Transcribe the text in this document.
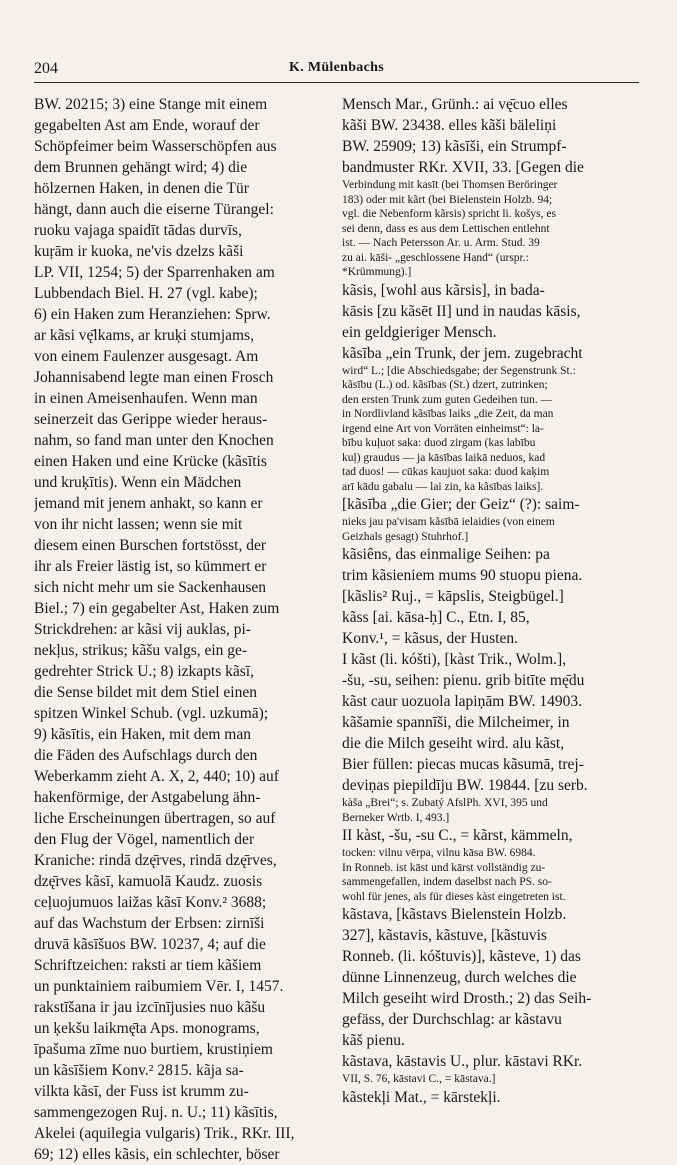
204	K. Mülenbachs
BW. 20215; 3) eine Stange mit einem
gegabelten Ast am Ende, worauf der
Schöpfeimer beim Wasserschöpfen aus
dem Brunnen gehängt wird; 4) die
hölzernen Haken, in denen die Tür
hängt, dann auch die eiserne Türangel:
ruoku vajaga spaidīt tādas durvīs,
kuŗām ir kuoka, ne'vis dzelzs kãši
LP. VII, 1254; 5) der Sparrenhaken am
Lubbendach Biel. H. 27 (vgl. kabe);
6) ein Haken zum Heranziehen: Sprw.
ar kãsi vę̄lkams, ar kruķi stumjams,
von einem Faulenzer ausgesagt. Am
Johannisabend legte man einen Frosch
in einen Ameisenhaufen. Wenn man
seinerzeit das Gerippe wieder heraus-
nahm, so fand man unter den Knochen
einen Haken und eine Krücke (kãsītis
und kruķītis). Wenn ein Mädchen
jemand mit jenem anhakt, so kann er
von ihr nicht lassen; wenn sie mit
diesem einen Burschen fortstösst, der
ihr als Freier lästig ist, so kümmert er
sich nicht mehr um sie Sackenhausen
Biel.; 7) ein gegabelter Ast, Haken zum
Strickdrehen: ar kãsi vij auklas, pi-
nekļus, strikus; kãšu valgs, ein ge-
gedrehter Strick U.; 8) izkapts kãsī,
die Sense bildet mit dem Stiel einen
spitzen Winkel Schub. (vgl. uzkumā);
9) kãsītis, ein Haken, mit dem man
die Fäden des Aufschlags durch den
Weberkamm zieht A. X, 2, 440; 10) auf
hakenförmige, der Astgabelung ähn-
liche Erscheinungen übertragen, so auf
den Flug der Vögel, namentlich der
Kraniche: rindā dzę̄rves, rindā dzę̄rves,
dzę̄rves kãsī, kamuolā Kaudz. zuosis
ceļuojumuos laižas kãsī Konv.² 3688;
auf das Wachstum der Erbsen: zirnīši
druvā kãsīšuos BW. 10237, 4; auf die
Schriftzeichen: raksti ar tiem kãšiem
un punktainiem raibumiem Vēr. I, 1457.
rakstīšana ir jau izcīnījusies nuo kãšu
un ķekšu laikmę̄ta Aps. monograms,
īpašuma zīme nuo burtiem, krustiņiem
un kãsīšiem Konv.² 2815. kãja sa-
vilkta kãsī, der Fuss ist krumm zu-
sammengezogen Ruj. n. U.; 11) kãsītis,
Akelei (aquilegia vulgaris) Trik., RKr. III,
69; 12) elles kãsis, ein schlechter, böser
Mensch Mar., Grünh.: ai vę̄cuo elles
kãši BW. 23438. elles kãši bäleliņi
BW. 25909; 13) kãsīši, ein Strumpf-
bandmuster RKr. XVII, 33. [Gegen die
Verbindung mit kasīt (bei Thomsen Beröringer
183) oder mit kãrt (bei Bielenstein Holzb. 94;
vgl. die Nebenform kãrsis) spricht li. košys, es
sei denn, dass es aus dem Lettischen entlehnt
ist. — Nach Petersson Ar. u. Arm. Stud. 39
zu ai. kāši- „geschlossene Hand“ (urspr.:
*Krümmung).]
kãsis, [wohl aus kãrsis], in bada-
kāsis [zu kãsēt II] und in naudas kāsis,
ein geldgieriger Mensch.
kãsība „ein Trunk, der jem. zugebracht
wird“ L.; [die Abschiedsgabe; der Segenstrunk St.:
kãsību (L.) od. kãsības (St.) dzert, zutrinken;
den ersten Trunk zum guten Gedeihen tun. —
in Nordlivland kãsības laiks „die Zeit, da man
irgend eine Art von Vorräten einheimst“: la-
bību kuļuot saka: duod zirgam (kas labību
kuļ) graudus — ja kāsības laikā neduos, kad
tad duos! — cūkas kaujuot saka: duod kaķim
arī kādu gabalu — lai zin, ka kãsības laiks].
[kãsība „die Gier; der Geiz“ (?): saim-
nieks jau pa'visam kãsībā ielaidies (von einem
Geizhals gesagt) Stuhrhof.]
kãsiêns, das einmalige Seihen: pa
trim kãsieniem mums 90 stuopu piena.
[kãslis² Ruj., = kāpslis, Steigbügel.]
kãss [ai. kāsa-ḥ] C., Etn. I, 85,
Konv.¹, = kãsus, der Husten.
I kãst (li. kóšti), [kàst Trik., Wolm.],
-šu, -su, seihen: pienu. grib bitīte mę̄du
kãst caur uozuola lapiņām BW. 14903.
kãšamie spannīši, die Milcheimer, in
die die Milch geseiht wird. alu kãst,
Bier füllen: piecas mucas kãsumā, trej-
deviņas piepildīju BW. 19844. [zu serb.
kàša „Brei“; s. Zubatý AfslPh. XVI, 395 und
Berneker Wrtb. I, 493.]
II kàst, -šu, -su C., = kãrst, kämmeln,
tocken: vilnu vērpa, vilnu kāsa BW. 6984.
In Ronneb. ist kāst und kārst vollständig zu-
sammengefallen, indem daselbst nach PS. so-
wohl für jenes, als für dieses kàst eingetreten ist.
kãstava, [kãstavs Bielenstein Holzb.
327], kãstavis, kãstuve, [kãstuvis
Ronneb. (li. kóštuvis)], kãsteve, 1) das
dünne Linnenzeug, durch welches die
Milch geseiht wird Drosth.; 2) das Seih-
gefäss, der Durchschlag: ar kãstavu
kãš pienu.
kãstava, kāstavis U., plur. kāstavi RKr.
VII, S. 76, kāstavi C., = kāstava.]
kãstekļi Mat., = kārstekļi.
